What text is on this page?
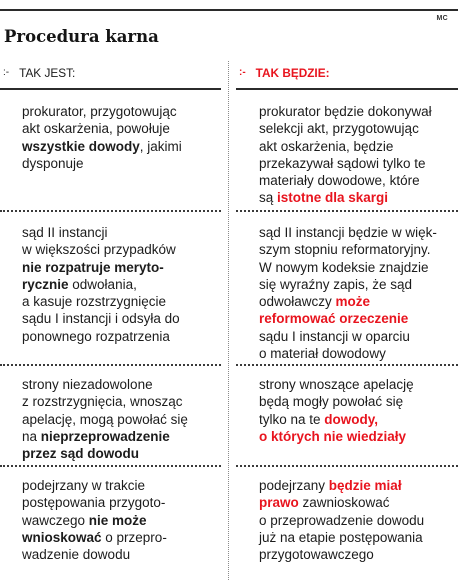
MC
Procedura karna
:- TAK JEST:	:- TAK BĘDZIE:
prokurator, przygotowując
akt oskarżenia, powołuje
wszystkie dowody, jakimi
dysponuje
prokurator będzie dokonywał
selekcji akt, przygotowując
akt oskarżenia, będzie
przekazywał sądowi tylko te
materiały dowodowe, które
są istotne dla skargi
sąd II instancji
w większości przypadków
nie rozpatruje meryto-
rycznie odwołania,
a kasuje rozstrzygnięcie
sądu I instancji i odsyła do
ponownego rozpatrzenia
sąd II instancji będzie w więk-
szym stopniu reformatoryjny.
W nowym kodeksie znajdzie
się wyraźny zapis, że sąd
odwoławczy może
reformować orzeczenie
sądu I instancji w oparciu
o materiał dowodowy
strony niezadowolone
z rozstrzygnięcia, wnosząc
apelację, mogą powołać się
na nieprzeprowadzenie
przez sąd dowodu
strony wnoszące apelację
będą mogły powołać się
tylko na te dowody,
o których nie wiedziały
podejrzany w trakcie
postępowania przygoto-
wawczego nie może
wnioskować o przepro-
wadzenie dowodu
podejrzany będzie miał
prawo zawnioskować
o przeprowadzenie dowodu
już na etapie postępowania
przygotowawczego
